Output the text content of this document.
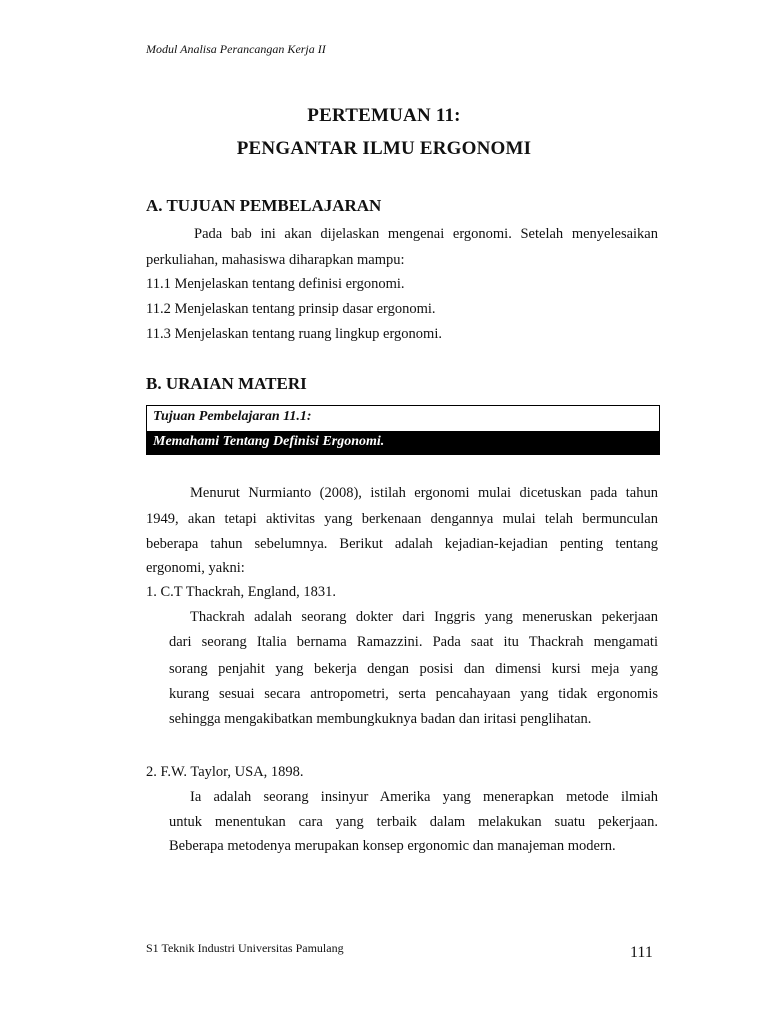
Modul Analisa Perancangan Kerja II
PERTEMUAN 11:
PENGANTAR ILMU ERGONOMI
A. TUJUAN PEMBELAJARAN
Pada bab ini akan dijelaskan mengenai ergonomi. Setelah menyelesaikan
perkuliahan, mahasiswa diharapkan mampu:
11.1 Menjelaskan tentang definisi ergonomi.
11.2 Menjelaskan tentang prinsip dasar ergonomi.
11.3 Menjelaskan tentang ruang lingkup ergonomi.
B. URAIAN MATERI
Tujuan Pembelajaran 11.1:
Memahami Tentang Definisi Ergonomi.
Menurut Nurmianto (2008), istilah ergonomi mulai dicetuskan pada tahun
1949, akan tetapi aktivitas yang berkenaan dengannya mulai telah bermunculan
beberapa tahun sebelumnya. Berikut adalah kejadian-kejadian penting tentang
ergonomi, yakni:
1. C.T Thackrah, England, 1831.
Thackrah adalah seorang dokter dari Inggris yang meneruskan pekerjaan
dari seorang Italia bernama Ramazzini. Pada saat itu Thackrah mengamati
sorang penjahit yang bekerja dengan posisi dan dimensi kursi meja yang
kurang sesuai secara antropometri, serta pencahayaan yang tidak ergonomis
sehingga mengakibatkan membungkuknya badan dan iritasi penglihatan.
2. F.W. Taylor, USA, 1898.
Ia adalah seorang insinyur Amerika yang menerapkan metode ilmiah
untuk menentukan cara yang terbaik dalam melakukan suatu pekerjaan.
Beberapa metodenya merupakan konsep ergonomic dan manajeman modern.
S1 Teknik Industri Universitas Pamulang	111
